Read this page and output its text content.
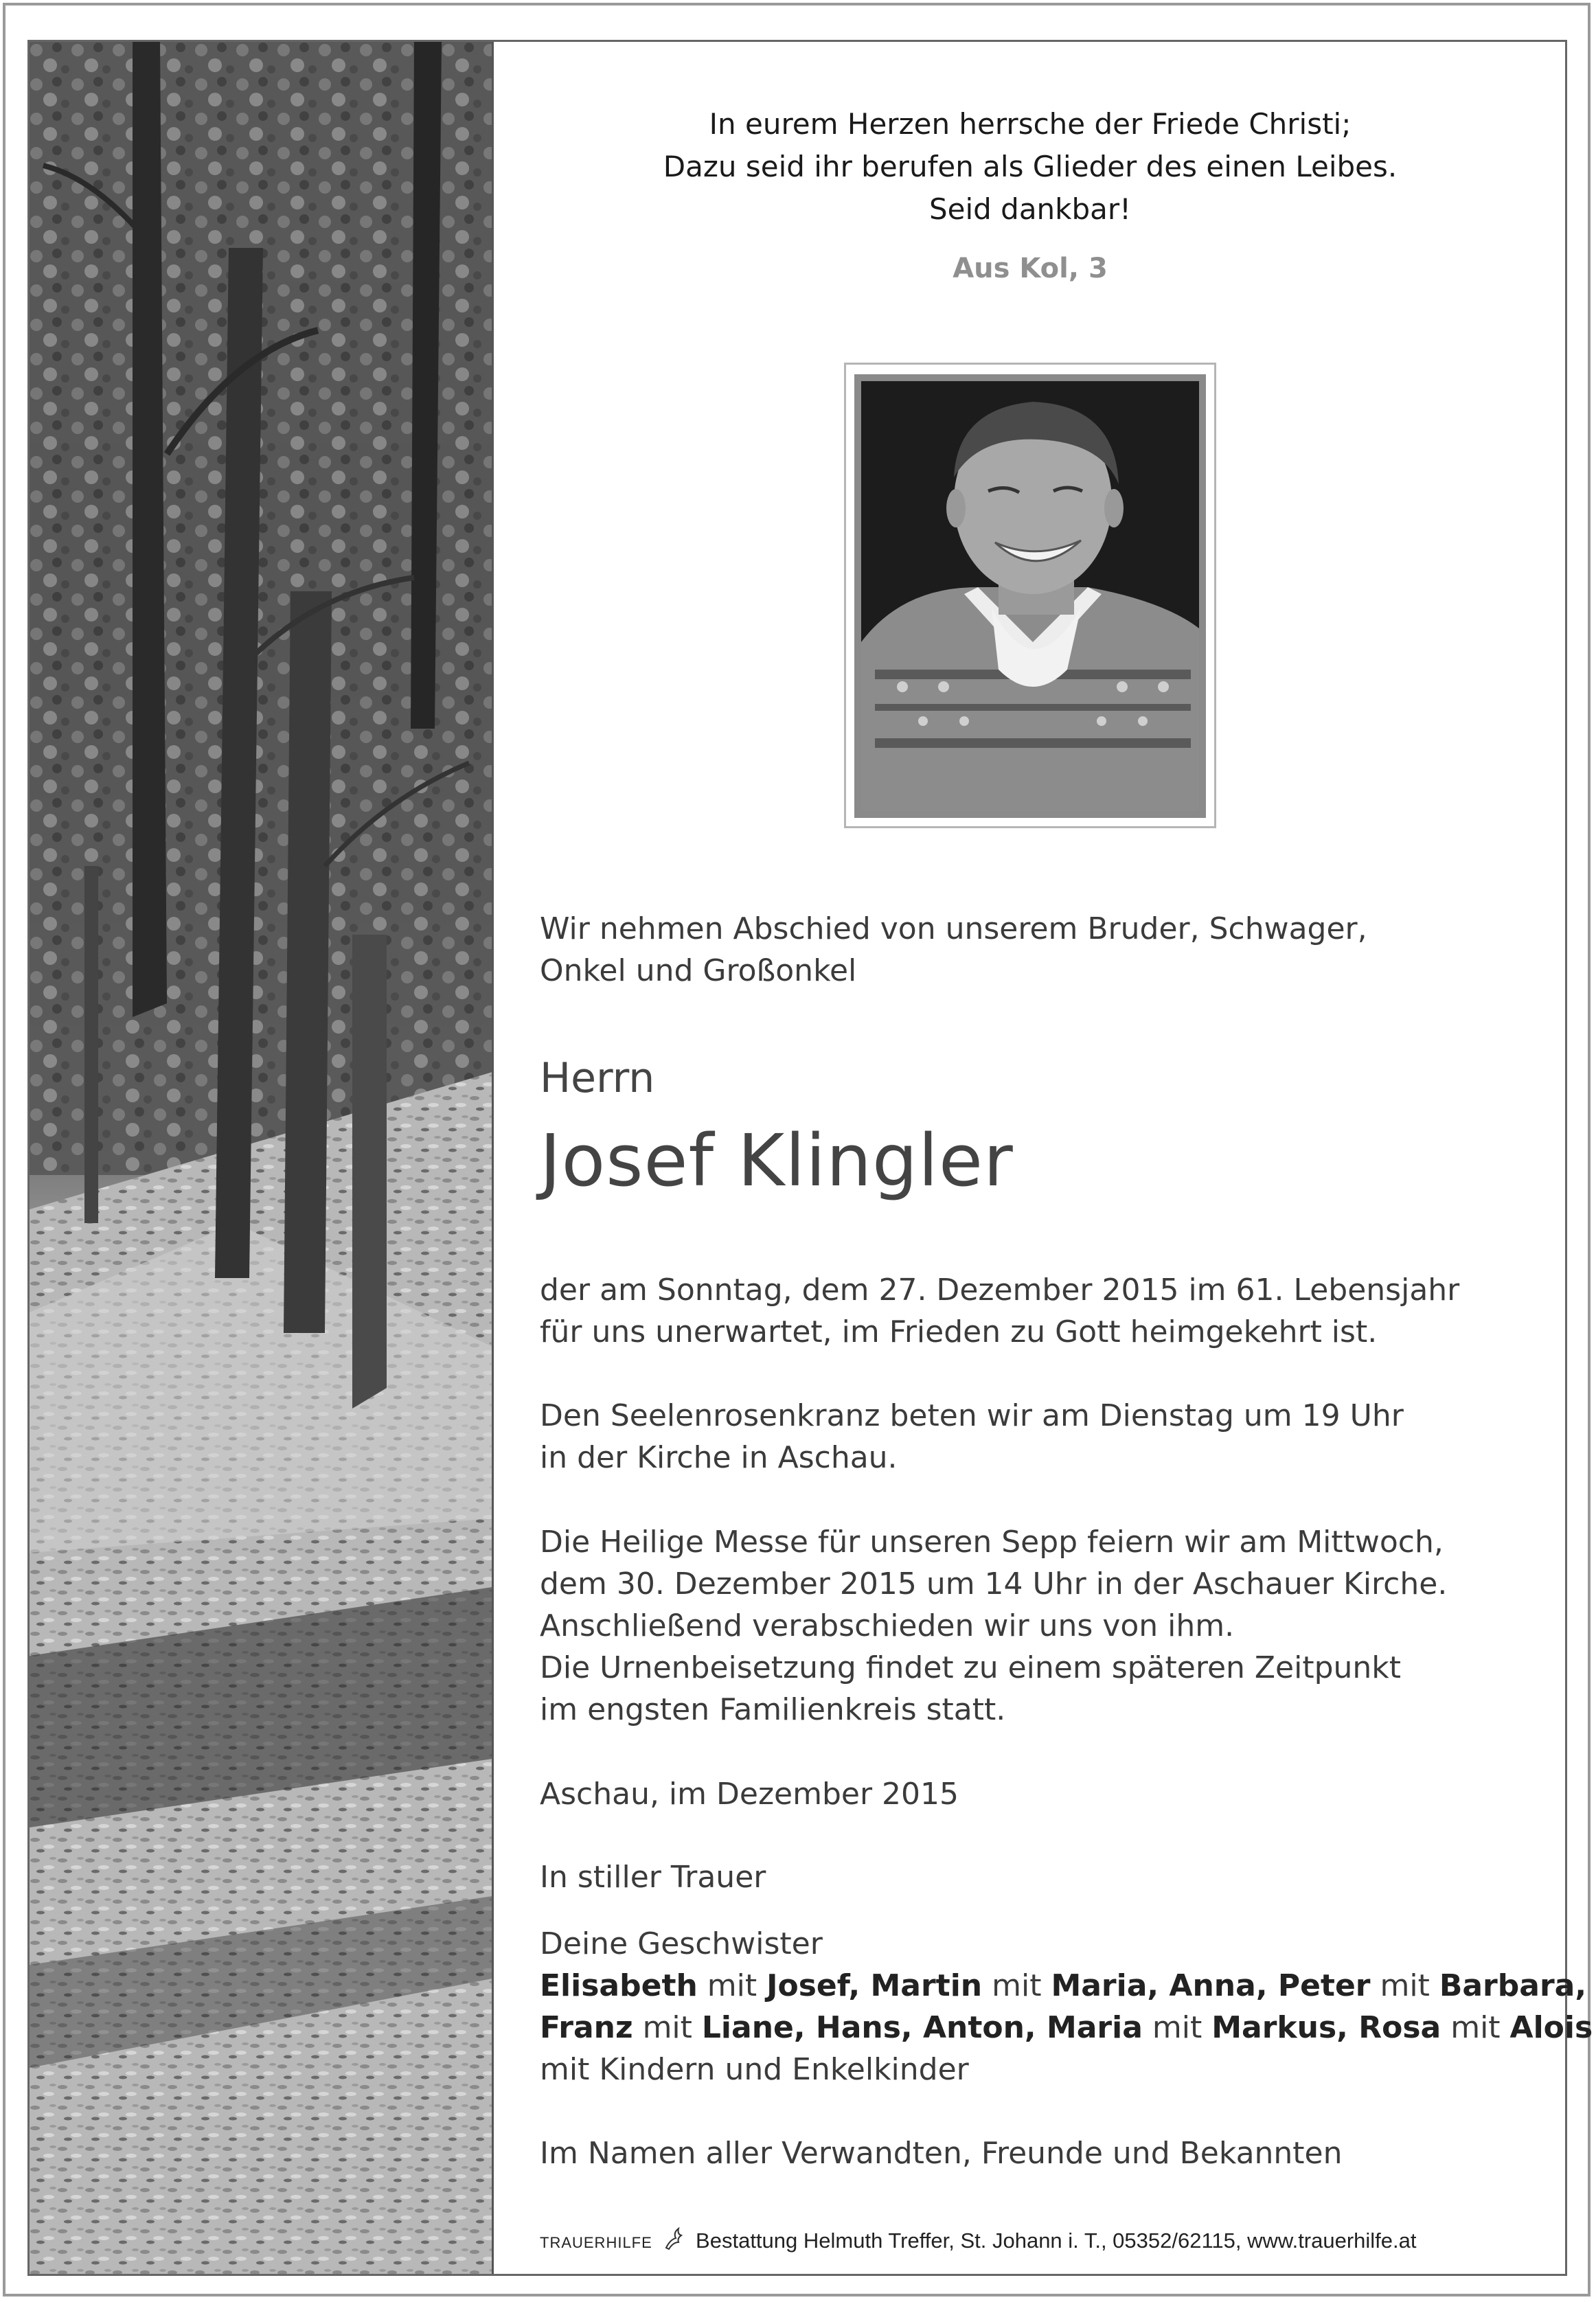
In eurem Herzen herrsche der Friede Christi;
Dazu seid ihr berufen als Glieder des einen Leibes.
Seid dankbar!
Aus Kol, 3
Wir nehmen Abschied von unserem Bruder, Schwager,
Onkel und Großonkel
Herrn
Josef Klingler
der am Sonntag, dem 27. Dezember 2015 im 61. Lebensjahr
für uns unerwartet, im Frieden zu Gott heimgekehrt ist.
Den Seelenrosenkranz beten wir am Dienstag um 19 Uhr
in der Kirche in Aschau.
Die Heilige Messe für unseren Sepp feiern wir am Mittwoch,
dem 30. Dezember 2015 um 14 Uhr in der Aschauer Kirche.
Anschließend verabschieden wir uns von ihm.
Die Urnenbeisetzung findet zu einem späteren Zeitpunkt
im engsten Familienkreis statt.
Aschau, im Dezember 2015
In stiller Trauer
Deine Geschwister
Elisabeth mit Josef, Martin mit Maria, Anna, Peter mit Barbara,
Franz mit Liane, Hans, Anton, Maria mit Markus, Rosa mit Alois
mit Kindern und Enkelkinder
Im Namen aller Verwandten, Freunde und Bekannten
TRAUERHILFE Bestattung Helmuth Treffer, St. Johann i. T., 05352/62115, www.trauerhilfe.at
